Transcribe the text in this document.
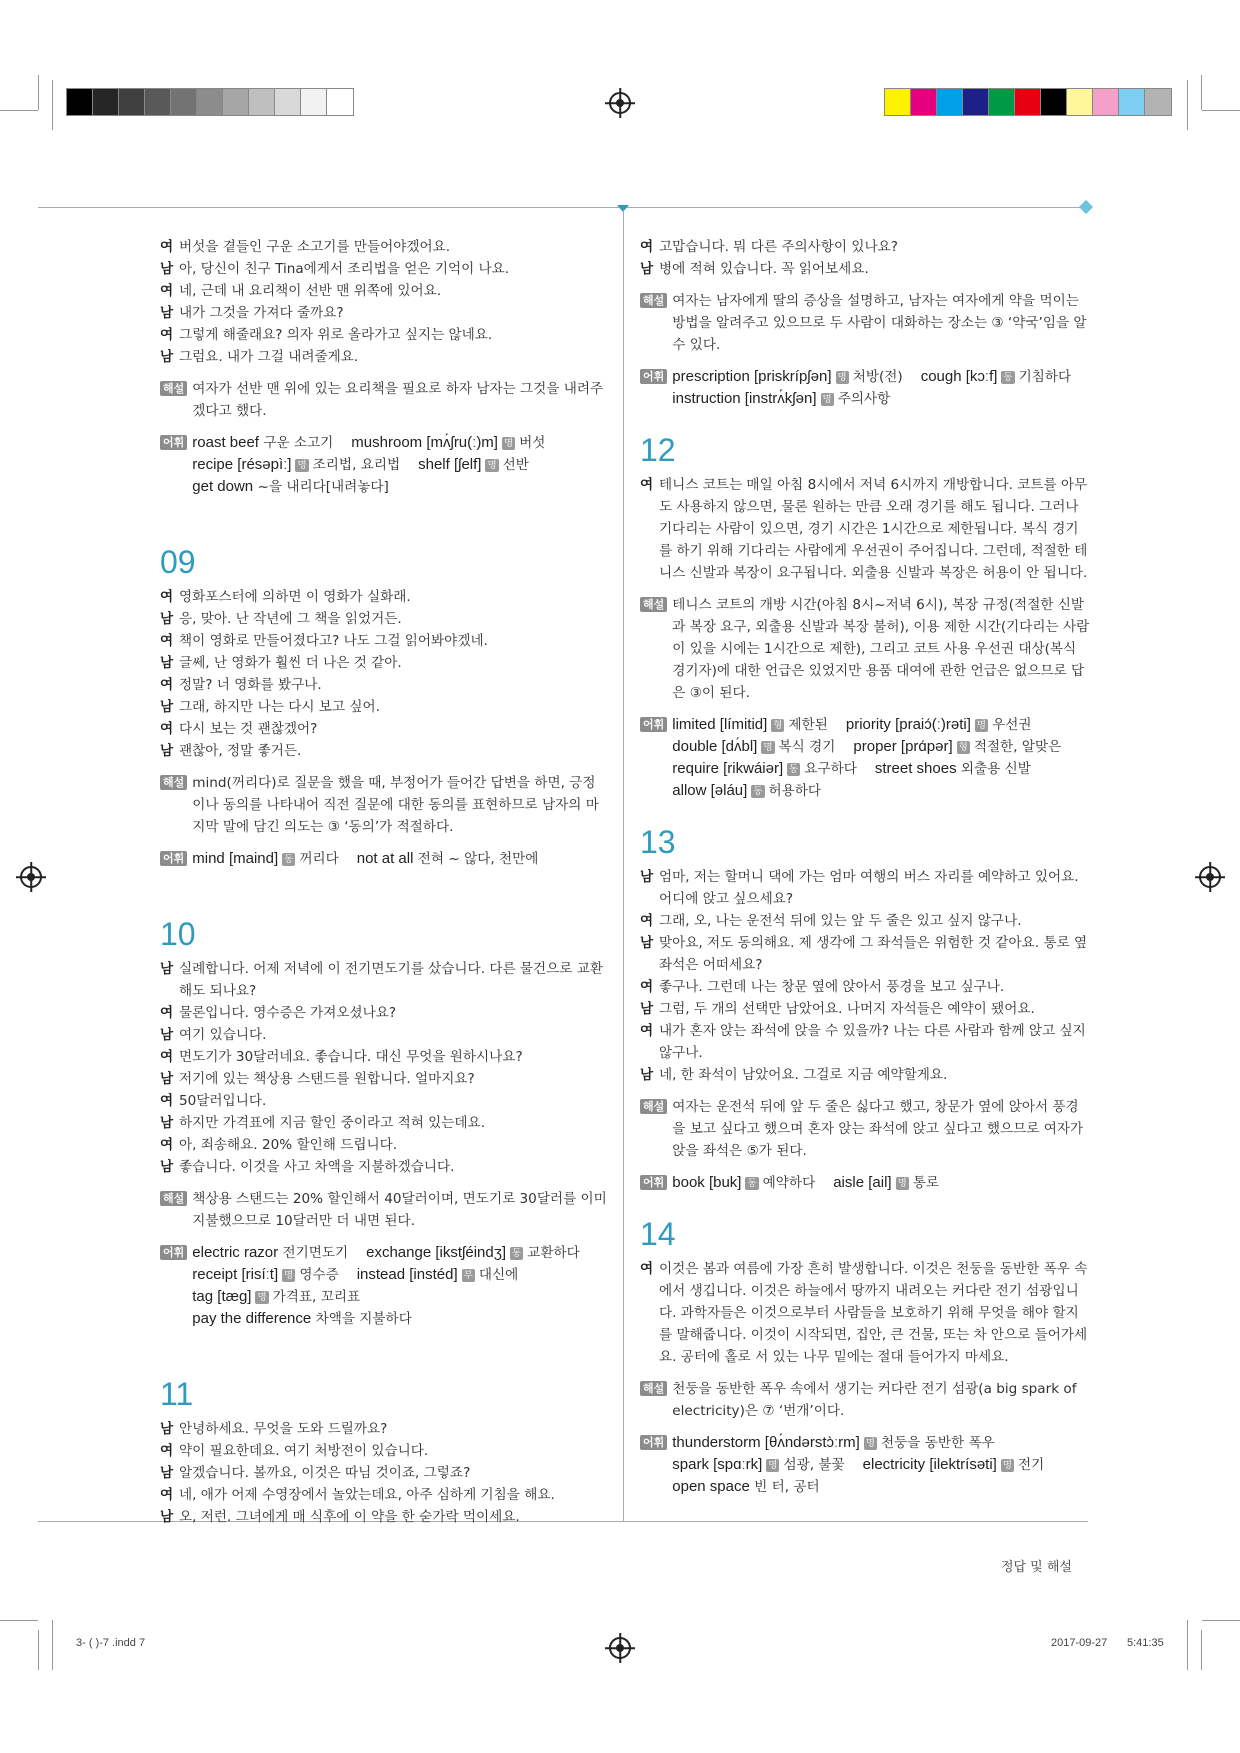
여 버섯을 곁들인 구운 소고기를 만들어야겠어요.
남 아, 당신이 친구 Tina에게서 조리법을 얻은 기억이 나요.
여 네, 근데 내 요리책이 선반 맨 위쪽에 있어요.
남 내가 그것을 가져다 줄까요?
여 그렇게 해줄래요? 의자 위로 올라가고 싶지는 않네요.
남 그럼요. 내가 그걸 내려줄게요.
해설 여자가 선반 맨 위에 있는 요리책을 필요로 하자 남자는 그것을 내려주겠다고 했다.
어휘 roast beef 구운 소고기 mushroom [mʌ́ʃru(ː)m] 명 버섯
recipe [résəpìː] 명 조리법, 요리법 shelf [ʃelf] 명 선반
get down ~을 내리다[내려놓다]
09
여 영화포스터에 의하면 이 영화가 실화래.
남 응, 맞아. 난 작년에 그 책을 읽었거든.
여 책이 영화로 만들어졌다고? 나도 그걸 읽어봐야겠네.
남 글쎄, 난 영화가 훨씬 더 나은 것 같아.
여 정말? 너 영화를 봤구나.
남 그래, 하지만 나는 다시 보고 싶어.
여 다시 보는 것 괜찮겠어?
남 괜찮아, 정말 좋거든.
해설 mind(꺼리다)로 질문을 했을 때, 부정어가 들어간 답변을 하면, 긍정이나 동의를 나타내어 직전 질문에 대한 동의를 표현하므로 남자의 마지막 말에 담긴 의도는 ③ ‘동의’가 적절하다.
어휘 mind [maind] 동 꺼리다 not at all 전혀 ~ 않다, 천만에
10
남 실례합니다. 어제 저녁에 이 전기면도기를 샀습니다. 다른 물건으로 교환해도 되나요?
여 물론입니다. 영수증은 가져오셨나요?
남 여기 있습니다.
여 면도기가 30달러네요. 좋습니다. 대신 무엇을 원하시나요?
남 저기에 있는 책상용 스탠드를 원합니다. 얼마지요?
여 50달러입니다.
남 하지만 가격표에 지금 할인 중이라고 적혀 있는데요.
여 아, 죄송해요. 20% 할인해 드립니다.
남 좋습니다. 이것을 사고 차액을 지불하겠습니다.
해설 책상용 스탠드는 20% 할인해서 40달러이며, 면도기로 30달러를 이미 지불했으므로 10달러만 더 내면 된다.
어휘 electric razor 전기면도기 exchange [ikstʃéindʒ] 동 교환하다
receipt [risíːt] 명 영수증 instead [instéd] 부 대신에
tag [tæg] 명 가격표, 꼬리표
pay the difference 차액을 지불하다
11
남 안녕하세요. 무엇을 도와 드릴까요?
여 약이 필요한데요. 여기 처방전이 있습니다.
남 알겠습니다. 볼까요, 이것은 따님 것이죠, 그렇죠?
여 네, 애가 어제 수영장에서 놀았는데요, 아주 심하게 기침을 해요.
남 오, 저런. 그녀에게 매 식후에 이 약을 한 숟가락 먹이세요.
여 고맙습니다. 뭐 다른 주의사항이 있나요?
남 병에 적혀 있습니다. 꼭 읽어보세요.
해설 여자는 남자에게 딸의 증상을 설명하고, 남자는 여자에게 약을 먹이는 방법을 알려주고 있으므로 두 사람이 대화하는 장소는 ③ ‘약국’임을 알 수 있다.
어휘 prescription [priskrípʃən] 명 처방(전) cough [kɔːf] 동 기침하다
instruction [instrʌ́kʃən] 명 주의사항
12
여 테니스 코트는 매일 아침 8시에서 저녁 6시까지 개방합니다. 코트를 아무도 사용하지 않으면, 물론 원하는 만큼 오래 경기를 해도 됩니다. 그러나 기다리는 사람이 있으면, 경기 시간은 1시간으로 제한됩니다. 복식 경기를 하기 위해 기다리는 사람에게 우선권이 주어집니다. 그런데, 적절한 테니스 신발과 복장이 요구됩니다. 외출용 신발과 복장은 허용이 안 됩니다.
해설 테니스 코트의 개방 시간(아침 8시~저녁 6시), 복장 규정(적절한 신발과 복장 요구, 외출용 신발과 복장 불허), 이용 제한 시간(기다리는 사람이 있을 시에는 1시간으로 제한), 그리고 코트 사용 우선권 대상(복식 경기자)에 대한 언급은 있었지만 용품 대여에 관한 언급은 없으므로 답은 ③이 된다.
어휘 limited [límitid] 형 제한된 priority [praiɔ́(ː)rəti] 명 우선권
double [dʌ́bl] 명 복식 경기 proper [prɑ́pər] 형 적절한, 알맞은
require [rikwáiər] 동 요구하다 street shoes 외출용 신발
allow [əláu] 동 허용하다
13
남 엄마, 저는 할머니 댁에 가는 엄마 여행의 버스 자리를 예약하고 있어요. 어디에 앉고 싶으세요?
여 그래, 오, 나는 운전석 뒤에 있는 앞 두 줄은 있고 싶지 않구나.
남 맞아요, 저도 동의해요. 제 생각에 그 좌석들은 위험한 것 같아요. 통로 옆 좌석은 어떠세요?
여 좋구나. 그런데 나는 창문 옆에 앉아서 풍경을 보고 싶구나.
남 그럼, 두 개의 선택만 남았어요. 나머지 자석들은 예약이 됐어요.
여 내가 혼자 앉는 좌석에 앉을 수 있을까? 나는 다른 사람과 함께 앉고 싶지 않구나.
남 네, 한 좌석이 남았어요. 그걸로 지금 예약할게요.
해설 여자는 운전석 뒤에 앞 두 줄은 싫다고 했고, 창문가 옆에 앉아서 풍경을 보고 싶다고 했으며 혼자 앉는 좌석에 앉고 싶다고 했으므로 여자가 앉을 좌석은 ⑤가 된다.
어휘 book [buk] 동 예약하다 aisle [ail] 명 통로
14
여 이것은 봄과 여름에 가장 흔히 발생합니다. 이것은 천둥을 동반한 폭우 속에서 생깁니다. 이것은 하늘에서 땅까지 내려오는 커다란 전기 섬광입니다. 과학자들은 이것으로부터 사람들을 보호하기 위해 무엇을 해야 할지를 말해줍니다. 이것이 시작되면, 집안, 큰 건물, 또는 차 안으로 들어가세요. 공터에 홀로 서 있는 나무 밑에는 절대 들어가지 마세요.
해설 천둥을 동반한 폭우 속에서 생기는 커다란 전기 섬광(a big spark of electricity)은 ⑦ ‘번개’이다.
어휘 thunderstorm [θʌ́ndərstɔ̀ːrm] 명 천둥을 동반한 폭우
spark [spɑːrk] 명 섬광, 불꽃 electricity [ilektrísəti] 명 전기
open space 빈 터, 공터
정답 및 해설
3- ( )-7 .indd 7	2017-09-27 5:41:35
